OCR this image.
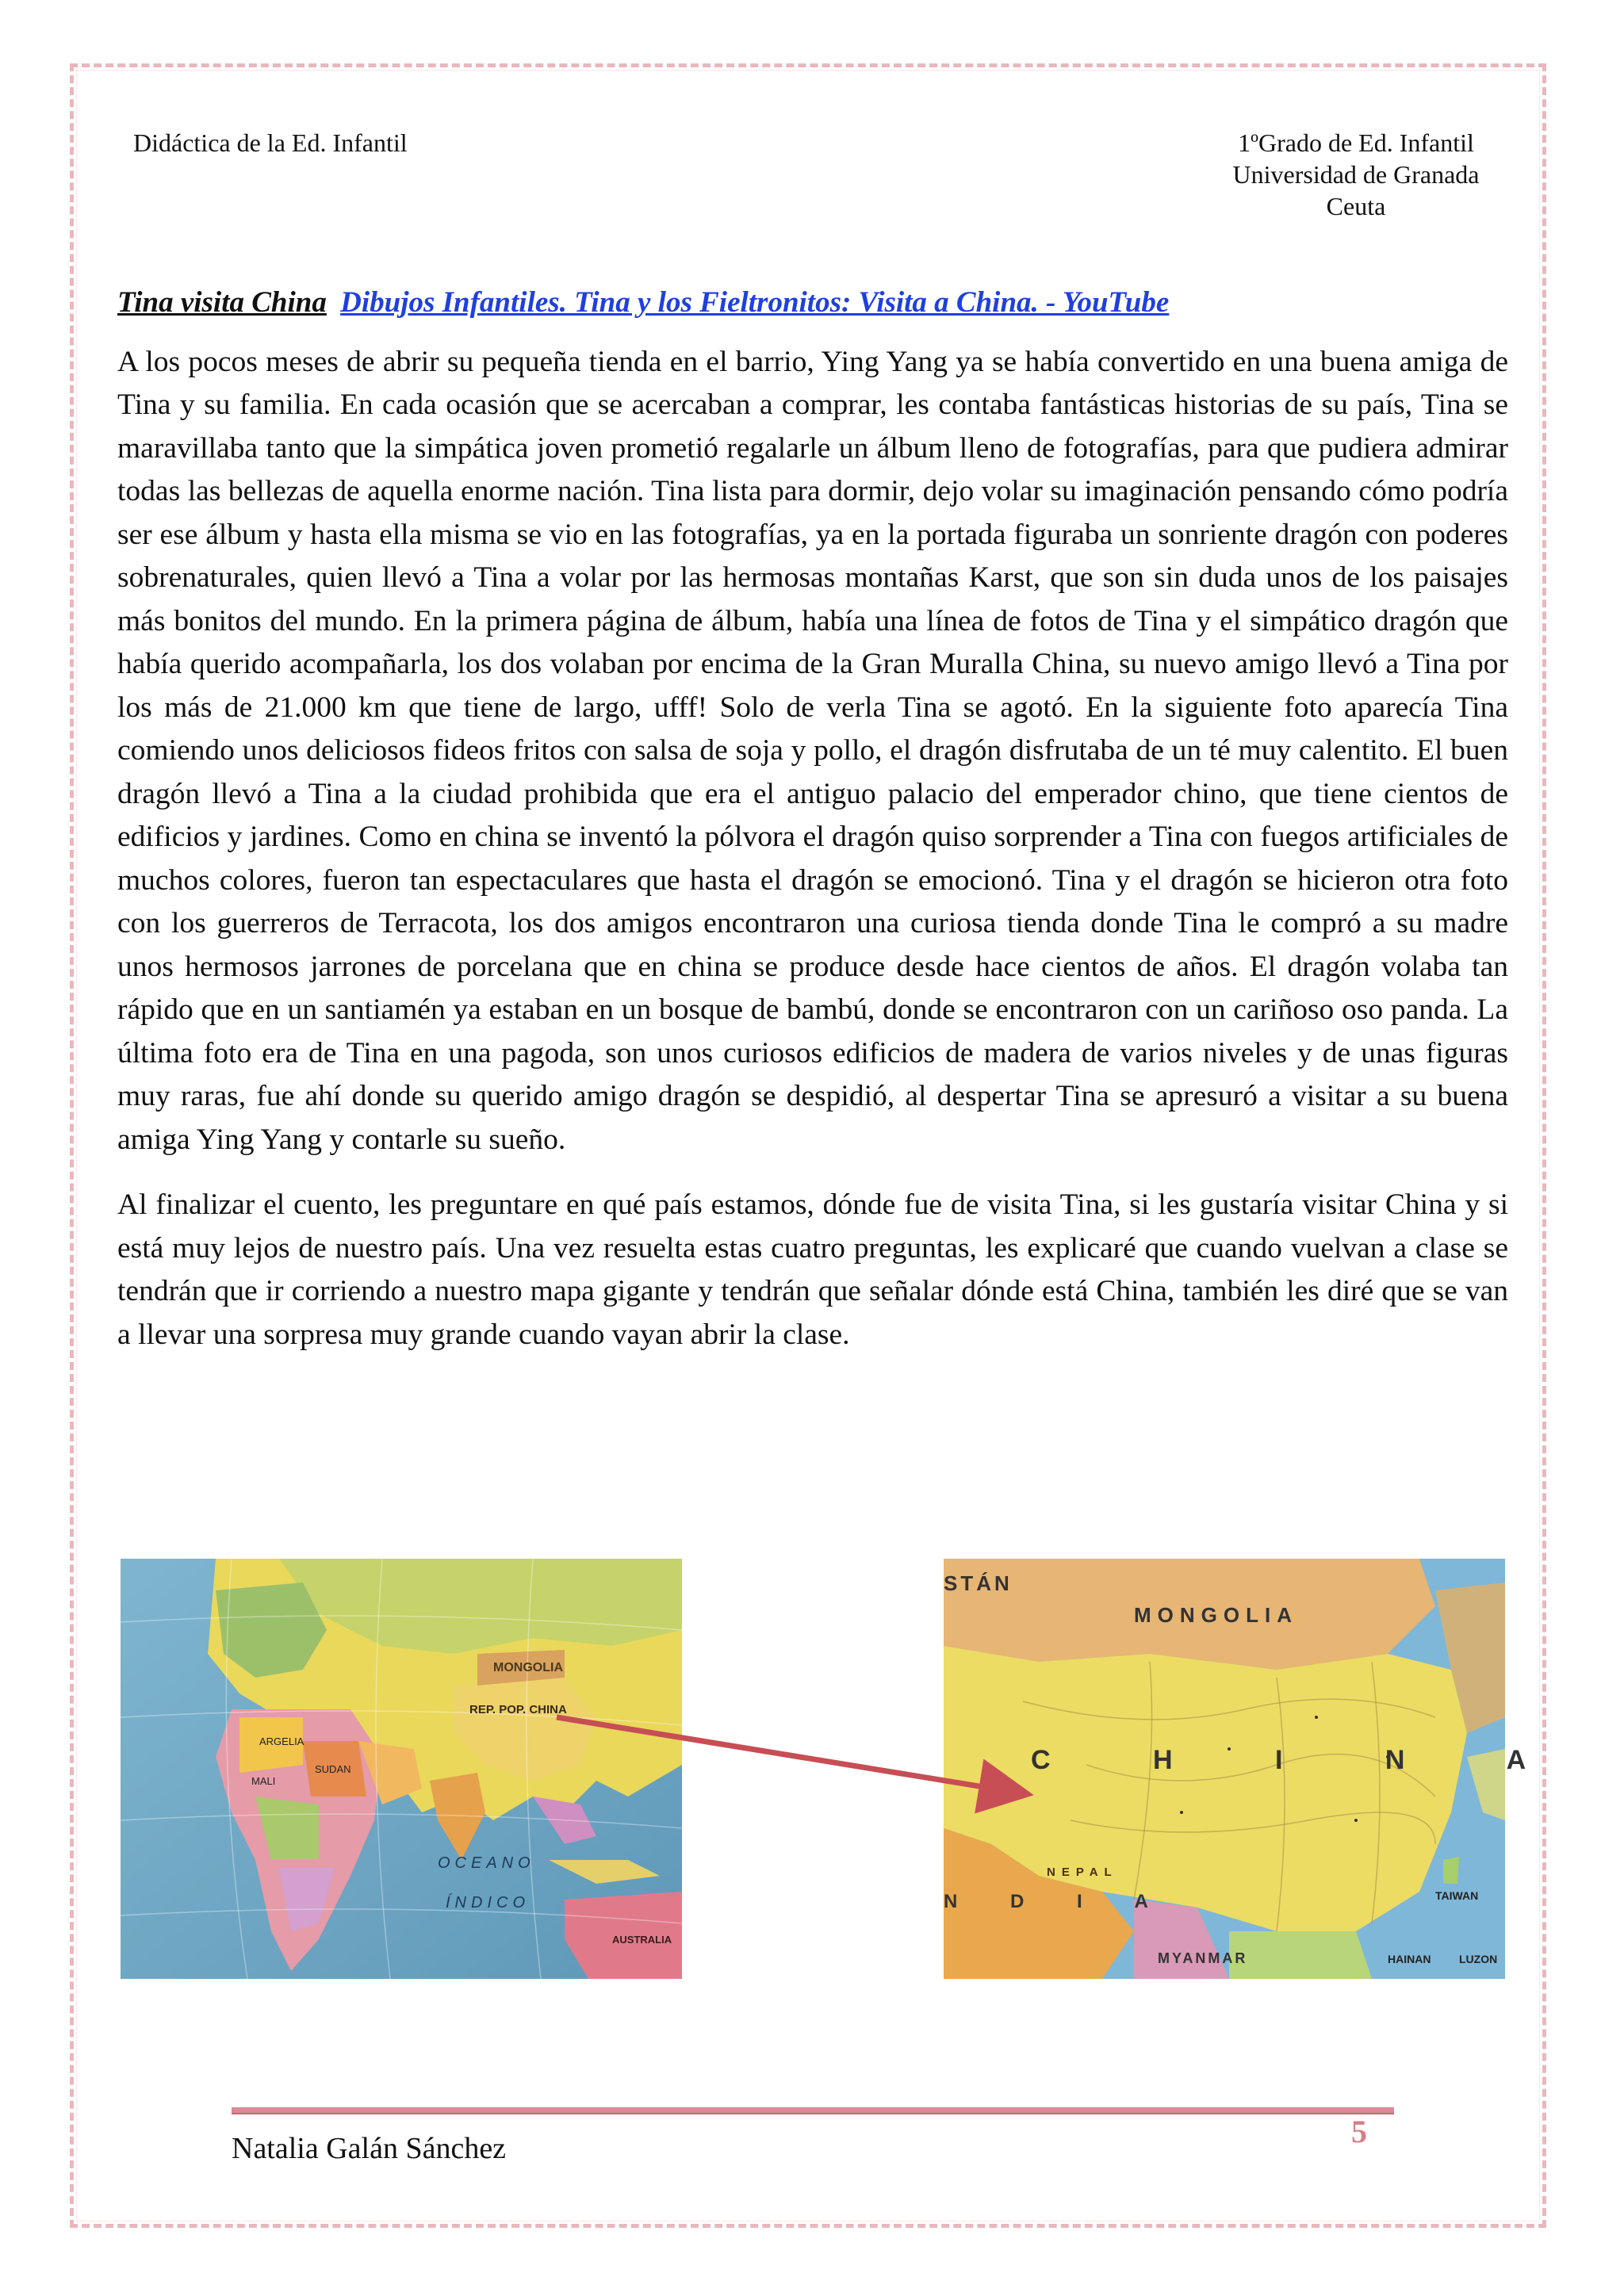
Didáctica de la Ed. Infantil	1ºGrado de Ed. Infantil
Universidad de Granada
Ceuta

Tina visita China Dibujos Infantiles. Tina y los Fieltronitos: Visita a China. - YouTube

A los pocos meses de abrir su pequeña tienda en el barrio, Ying Yang ya se había convertido en una buena amiga de Tina y su familia. En cada ocasión que se acercaban a comprar, les contaba fantásticas historias de su país, Tina se maravillaba tanto que la simpática joven prometió regalarle un álbum lleno de fotografías, para que pudiera admirar todas las bellezas de aquella enorme nación. Tina lista para dormir, dejo volar su imaginación pensando cómo podría ser ese álbum y hasta ella misma se vio en las fotografías, ya en la portada figuraba un sonriente dragón con poderes sobrenaturales, quien llevó a Tina a volar por las hermosas montañas Karst, que son sin duda unos de los paisajes más bonitos del mundo. En la primera página de álbum, había una línea de fotos de Tina y el simpático dragón que había querido acompañarla, los dos volaban por encima de la Gran Muralla China, su nuevo amigo llevó a Tina por los más de 21.000 km que tiene de largo, ufff! Solo de verla Tina se agotó. En la siguiente foto aparecía Tina comiendo unos deliciosos fideos fritos con salsa de soja y pollo, el dragón disfrutaba de un té muy calentito. El buen dragón llevó a Tina a la ciudad prohibida que era el antiguo palacio del emperador chino, que tiene cientos de edificios y jardines. Como en china se inventó la pólvora el dragón quiso sorprender a Tina con fuegos artificiales de muchos colores, fueron tan espectaculares que hasta el dragón se emocionó. Tina y el dragón se hicieron otra foto con los guerreros de Terracota, los dos amigos encontraron una curiosa tienda donde Tina le compró a su madre unos hermosos jarrones de porcelana que en china se produce desde hace cientos de años. El dragón volaba tan rápido que en un santiamén ya estaban en un bosque de bambú, donde se encontraron con un cariñoso oso panda. La última foto era de Tina en una pagoda, son unos curiosos edificios de madera de varios niveles y de unas figuras muy raras, fue ahí donde su querido amigo dragón se despidió, al despertar Tina se apresuró a visitar a su buena amiga Ying Yang y contarle su sueño.

Al finalizar el cuento, les preguntare en qué país estamos, dónde fue de visita Tina, si les gustaría visitar China y si está muy lejos de nuestro país. Una vez resuelta estas cuatro preguntas, les explicaré que cuando vuelvan a clase se tendrán que ir corriendo a nuestro mapa gigante y tendrán que señalar dónde está China, también les diré que se van a llevar una sorpresa muy grande cuando vayan abrir la clase.

MONGOLIA
REP. POP. CHINA
ARGELIA
MALI
SUDAN
OCEANO
ÍNDICO
AUSTRALIA
STÁN
MONGOLIA
C H I N A
N D I A
NEPAL
MYANMAR
TAIWAN
HAINAN	LUZON
Natalia Galán Sánchez	5
